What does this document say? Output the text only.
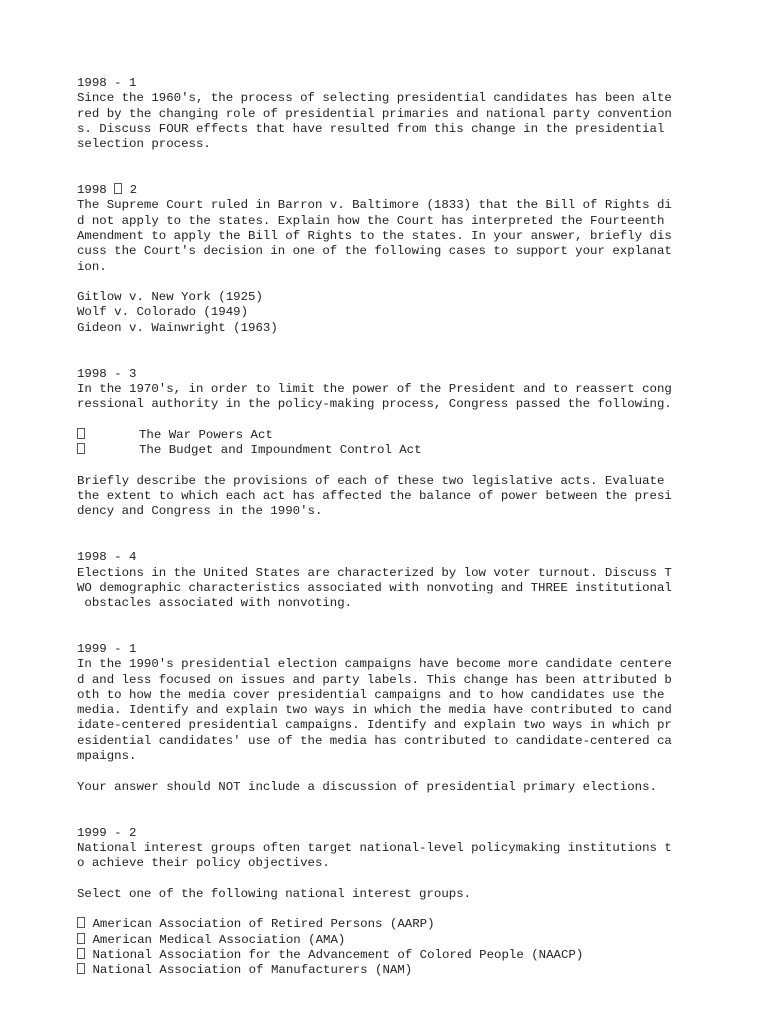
1998 - 1
Since the 1960's, the process of selecting presidential candidates has been alte
red by the changing role of presidential primaries and national party convention
s. Discuss FOUR effects that have resulted from this change in the presidential
selection process.
1998  2
The Supreme Court ruled in Barron v. Baltimore (1833) that the Bill of Rights di
d not apply to the states. Explain how the Court has interpreted the Fourteenth
Amendment to apply the Bill of Rights to the states. In your answer, briefly dis
cuss the Court's decision in one of the following cases to support your explanat
ion.
Gitlow v. New York (1925)
Wolf v. Colorado (1949)
Gideon v. Wainwright (1963)
1998 - 3
In the 1970's, in order to limit the power of the President and to reassert cong
ressional authority in the policy-making process, Congress passed the following.
The War Powers Act
The Budget and Impoundment Control Act
Briefly describe the provisions of each of these two legislative acts. Evaluate
the extent to which each act has affected the balance of power between the presi
dency and Congress in the 1990's.
1998 - 4
Elections in the United States are characterized by low voter turnout. Discuss T
WO demographic characteristics associated with nonvoting and THREE institutional
obstacles associated with nonvoting.
1999 - 1
In the 1990's presidential election campaigns have become more candidate centere
d and less focused on issues and party labels. This change has been attributed b
oth to how the media cover presidential campaigns and to how candidates use the
media. Identify and explain two ways in which the media have contributed to cand
idate-centered presidential campaigns. Identify and explain two ways in which pr
esidential candidates' use of the media has contributed to candidate-centered ca
mpaigns.
Your answer should NOT include a discussion of presidential primary elections.
1999 - 2
National interest groups often target national-level policymaking institutions t
o achieve their policy objectives.
Select one of the following national interest groups.
American Association of Retired Persons (AARP)
American Medical Association (AMA)
National Association for the Advancement of Colored People (NAACP)
National Association of Manufacturers (NAM)
